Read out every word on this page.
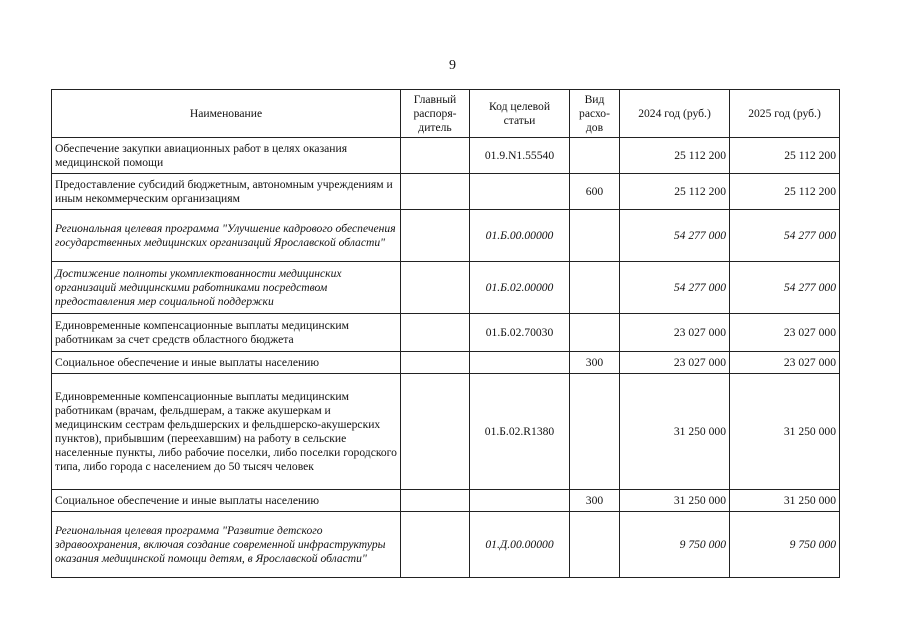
9
Наименование	Главный распоря-дитель	Код целевой статьи	Вид расхо-дов	2024 год (руб.)	2025 год (руб.)
Обеспечение закупки авиационных работ в целях оказания медицинской помощи		01.9.N1.55540		25 112 200	25 112 200
Предоставление субсидий бюджетным, автономным учреждениям и иным некоммерческим организациям			600	25 112 200	25 112 200
Региональная целевая программа "Улучшение кадрового обеспечения государственных медицинских организаций Ярославской области"		01.Б.00.00000		54 277 000	54 277 000
Достижение полноты укомплектованности медицинских организаций медицинскими работниками посредством предоставления мер социальной поддержки		01.Б.02.00000		54 277 000	54 277 000
Единовременные компенсационные выплаты медицинским работникам за счет средств областного бюджета		01.Б.02.70030		23 027 000	23 027 000
Социальное обеспечение и иные выплаты населению			300	23 027 000	23 027 000
Единовременные компенсационные выплаты медицинским работникам (врачам, фельдшерам, а также акушеркам и медицинским сестрам фельдшерских и фельдшерско-акушерских пунктов), прибывшим (переехавшим) на работу в сельские населенные пункты, либо рабочие поселки, либо поселки городского типа, либо города с населением до 50 тысяч человек		01.Б.02.R1380		31 250 000	31 250 000
Социальное обеспечение и иные выплаты населению			300	31 250 000	31 250 000
Региональная целевая программа "Развитие детского здравоохранения, включая создание современной инфраструктуры оказания медицинской помощи детям, в Ярославской области"		01.Д.00.00000		9 750 000	9 750 000
